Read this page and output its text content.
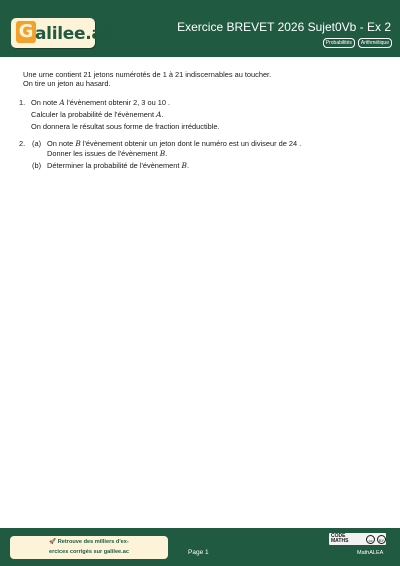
G alilee.ac	Exercice BREVET 2026 Sujet0Vb - Ex 2
Probabilités	Arithmétique
Une urne contient 21 jetons numérotés de 1 à 21 indiscernables au toucher.
On tire un jeton au hasard.
1. On note A l'évènement obtenir 2, 3 ou 10 .
Calculer la probabilité de l'évènement A.
On donnera le résultat sous forme de fraction irréductible.
2. (a) On note B l'évènement obtenir un jeton dont le numéro est un diviseur de 24 .
Donner les issues de l'évènement B.
(b) Déterminer la probabilité de l'évènement B.
🚀 Retrouve des milliers d'ex-
ercices corrigés sur galilee.ac	Page 1
CODE MATHS	cc	BY
MathALEA
